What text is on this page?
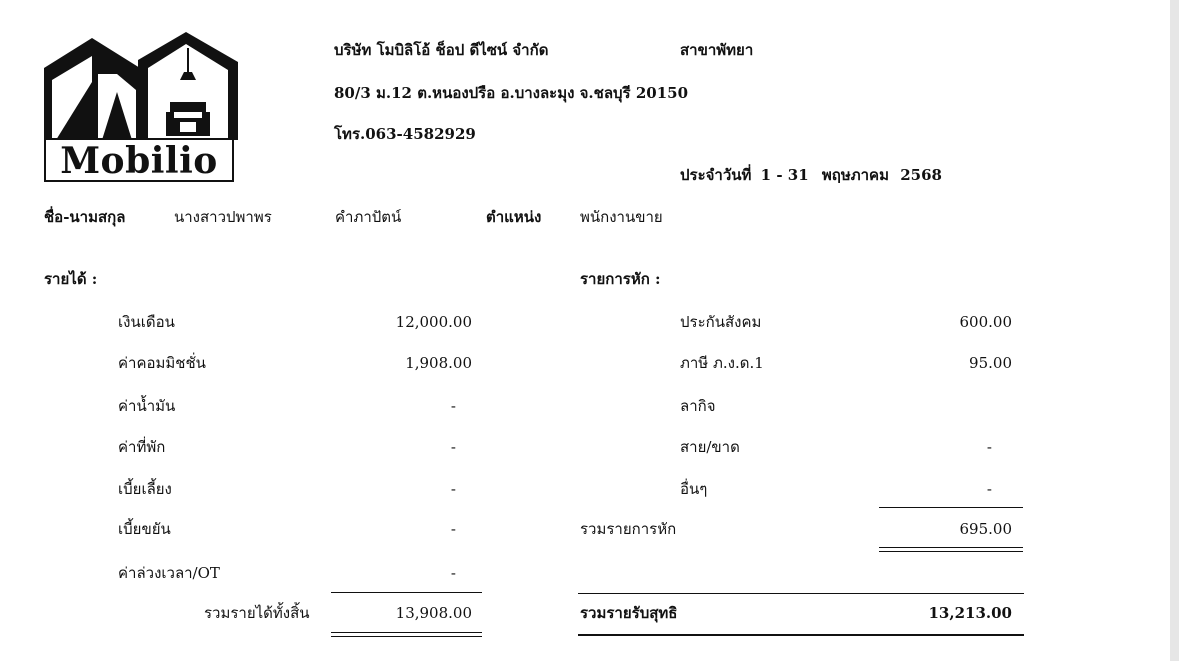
Mobilio
บริษัท โมบิลิโอ้ ช็อป ดีไซน์ จำกัด	สาขาพัทยา
80/3 ม.12 ต.หนองปรือ อ.บางละมุง จ.ชลบุรี 20150
โทร.063-4582929
ประจำวันที่ 1 - 31 พฤษภาคม 2568
ชื่อ-นามสกุล	นางสาวปพาพร	คำภาปัตน์	ตำแหน่ง	พนักงานขาย
รายได้ :
เงินเดือน	12,000.00
ค่าคอมมิชชั่น	1,908.00
ค่าน้ำมัน	-
ค่าที่พัก	-
เบี้ยเลี้ยง	-
เบี้ยขยัน	-
ค่าล่วงเวลา/OT	-
รวมรายได้ทั้งสิ้น	13,908.00
รายการหัก :
ประกันสังคม	600.00
ภาษี ภ.ง.ด.1	95.00
ลากิจ
สาย/ขาด	-
อื่นๆ	-
รวมรายการหัก	695.00
รวมรายรับสุทธิ	13,213.00
